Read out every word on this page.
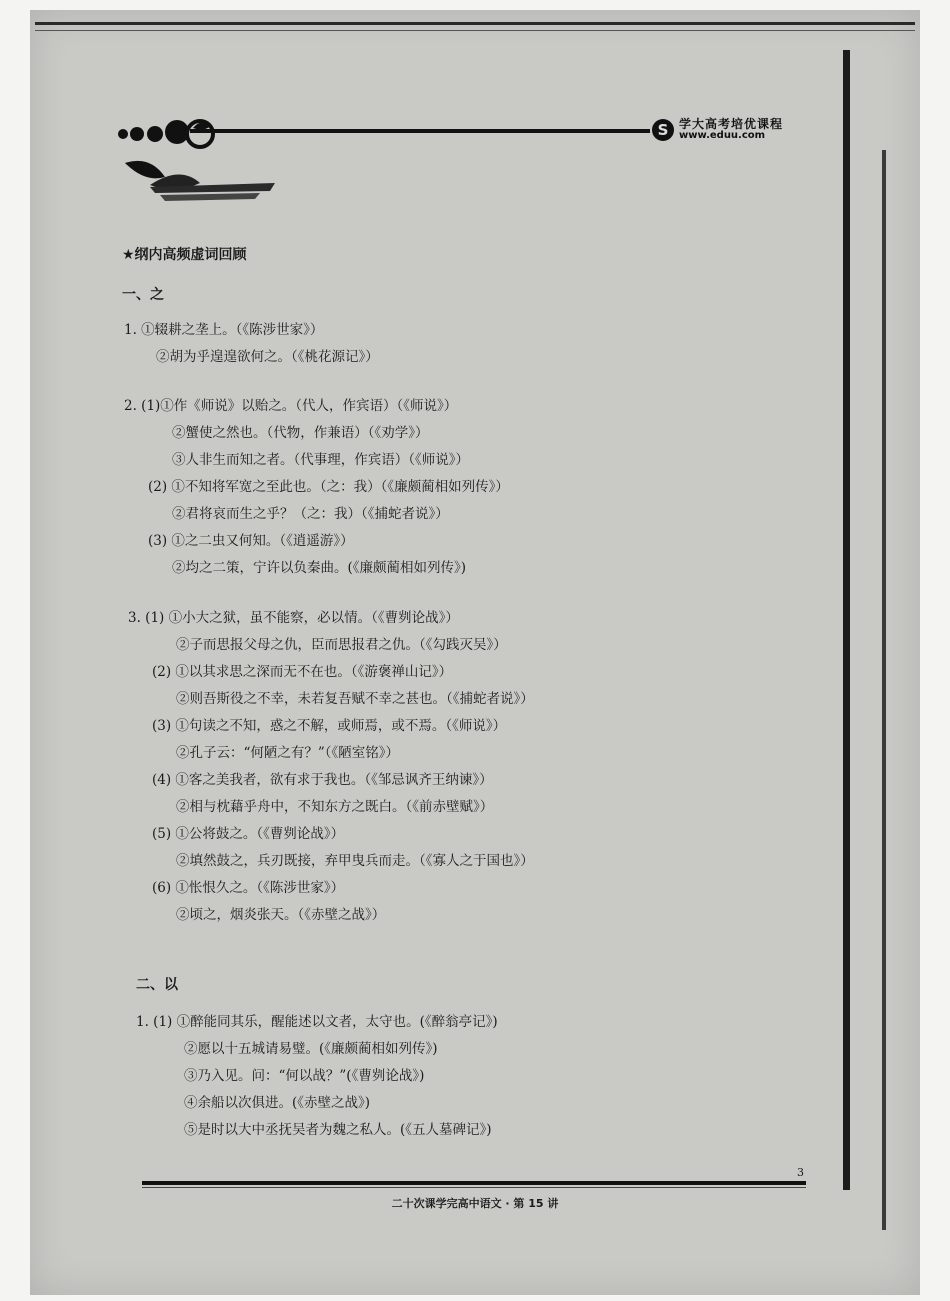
S 学大高考培优课程
www.eduu.com
★纲内高频虚词回顾
一、之
1. ①辍耕之垄上。（《陈涉世家》）
②胡为乎遑遑欲何之。（《桃花源记》）
2. (1)①作《师说》以贻之。（代人，作宾语）（《师说》）
②蟹使之然也。（代物，作兼语）（《劝学》）
③人非生而知之者。（代事理，作宾语）（《师说》）
(2) ①不知将军宽之至此也。（之：我）（《廉颇蔺相如列传》）
②君将哀而生之乎？（之：我）（《捕蛇者说》）
(3) ①之二虫又何知。（《逍遥游》）
②均之二策，宁许以负秦曲。(《廉颇蔺相如列传》)
3. (1) ①小大之狱，虽不能察，必以情。（《曹刿论战》）
②子而思报父母之仇，臣而思报君之仇。（《勾践灭吴》）
(2) ①以其求思之深而无不在也。（《游褒禅山记》）
②则吾斯役之不幸，未若复吾赋不幸之甚也。（《捕蛇者说》）
(3) ①句读之不知，惑之不解，或师焉，或不焉。（《师说》）
②孔子云：“何陋之有？”（《陋室铭》）
(4) ①客之美我者，欲有求于我也。（《邹忌讽齐王纳谏》）
②相与枕藉乎舟中，不知东方之既白。（《前赤壁赋》）
(5) ①公将鼓之。（《曹刿论战》）
②填然鼓之，兵刃既接，弃甲曳兵而走。（《寡人之于国也》）
(6) ①怅恨久之。（《陈涉世家》）
②顷之，烟炎张天。（《赤壁之战》）
二、以
1. (1) ①醉能同其乐，醒能述以文者，太守也。(《醉翁亭记》)
②愿以十五城请易璧。(《廉颇蔺相如列传》)
③乃入见。问：“何以战？”(《曹刿论战》)
④余船以次俱进。(《赤壁之战》)
⑤是时以大中丞抚吴者为魏之私人。(《五人墓碑记》)
3
二十次课学完高中语文 · 第 15 讲
